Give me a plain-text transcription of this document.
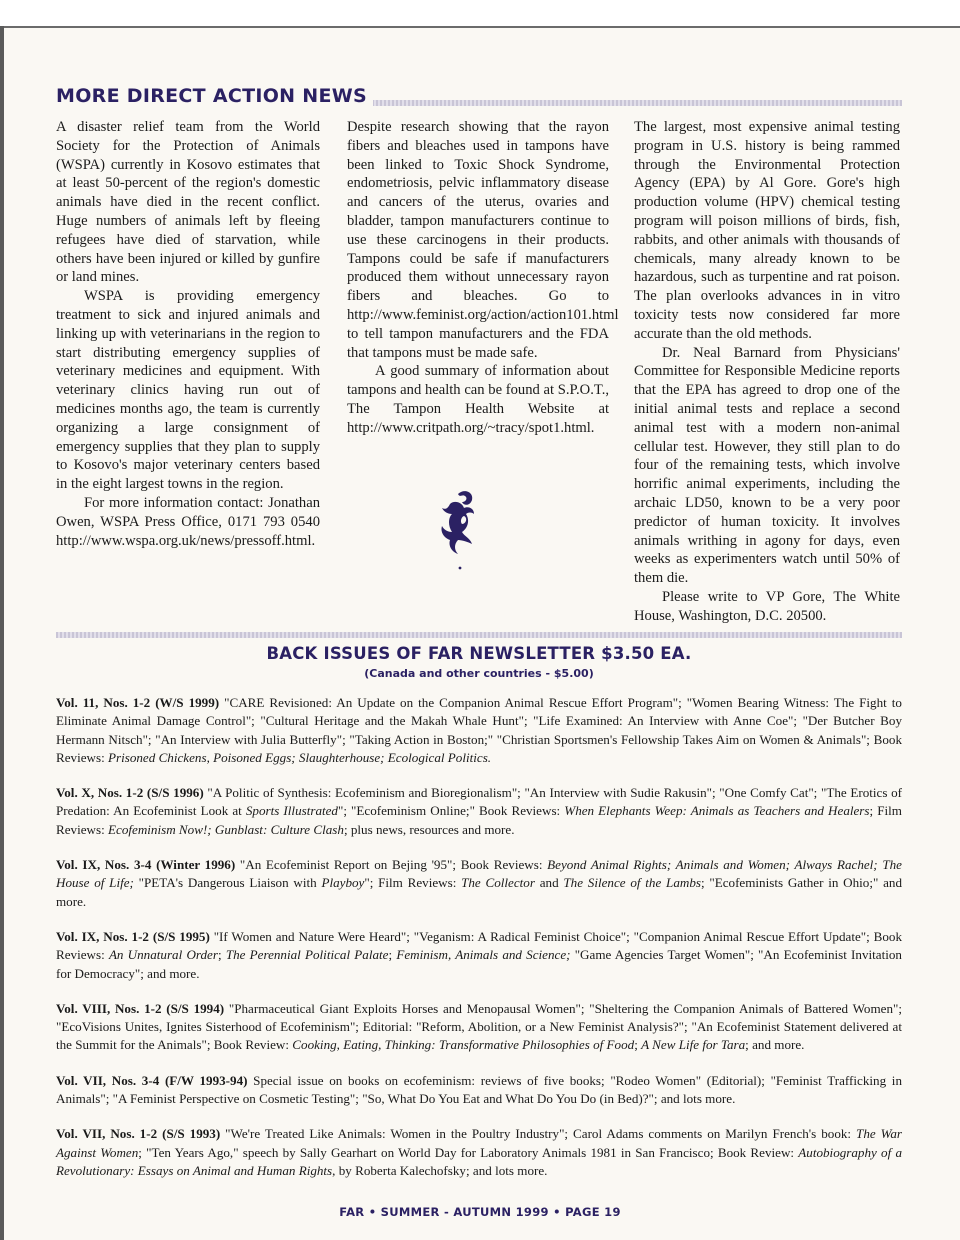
MORE DIRECT ACTION NEWS

A disaster relief team from the World Society for the Protection of Animals (WSPA) currently in Kosovo estimates that at least 50-percent of the region's domestic animals have died in the recent conflict. Huge numbers of animals left by fleeing refugees have died of starvation, while others have been injured or killed by gunfire or land mines.

WSPA is providing emergency treatment to sick and injured animals and linking up with veterinarians in the region to start distributing emergency supplies of veterinary medicines and equipment. With veterinary clinics having run out of medicines months ago, the team is currently organizing a large consignment of emergency supplies that they plan to supply to Kosovo's major veterinary centers based in the eight largest towns in the region.

For more information contact: Jonathan Owen, WSPA Press Office, 0171 793 0540 http://www.wspa.org.uk/news/pressoff.html.

Despite research showing that the rayon fibers and bleaches used in tampons have been linked to Toxic Shock Syndrome, endometriosis, pelvic inflammatory disease and cancers of the uterus, ovaries and bladder, tampon manufacturers continue to use these carcinogens in their products. Tampons could be safe if manufacturers produced them without unnecessary rayon fibers and bleaches. Go to http://www.feminist.org/action/action101.html to tell tampon manufacturers and the FDA that tampons must be made safe.

A good summary of information about tampons and health can be found at S.P.O.T., The Tampon Health Website at http://www.critpath.org/~tracy/spot1.html.

The largest, most expensive animal testing program in U.S. history is being rammed through the Environmental Protection Agency (EPA) by Al Gore. Gore's high production volume (HPV) chemical testing program will poison millions of birds, fish, rabbits, and other animals with thousands of chemicals, many already known to be hazardous, such as turpentine and rat poison. The plan overlooks advances in in vitro toxicity tests now considered far more accurate than the old methods.

Dr. Neal Barnard from Physicians' Committee for Responsible Medicine reports that the EPA has agreed to drop one of the initial animal tests and replace a second animal test with a modern non-animal cellular test. However, they still plan to do four of the remaining tests, which involve horrific animal experiments, including the archaic LD50, known to be a very poor predictor of human toxicity. It involves animals writhing in agony for days, even weeks as experimenters watch until 50% of them die.

Please write to VP Gore, The White House, Washington, D.C. 20500.

BACK ISSUES OF FAR NEWSLETTER $3.50 EA.
(Canada and other countries - $5.00)

Vol. 11, Nos. 1-2 (W/S 1999) "CARE Revisioned: An Update on the Companion Animal Rescue Effort Program"; "Women Bearing Witness: The Fight to Eliminate Animal Damage Control"; "Cultural Heritage and the Makah Whale Hunt"; "Life Examined: An Interview with Anne Coe"; "Der Butcher Boy Hermann Nitsch"; "An Interview with Julia Butterfly"; "Taking Action in Boston;" "Christian Sportsmen's Fellowship Takes Aim on Women & Animals"; Book Reviews: Prisoned Chickens, Poisoned Eggs; Slaughterhouse; Ecological Politics.

Vol. X, Nos. 1-2 (S/S 1996) "A Politic of Synthesis: Ecofeminism and Bioregionalism"; "An Interview with Sudie Rakusin"; "One Comfy Cat"; "The Erotics of Predation: An Ecofeminist Look at Sports Illustrated"; "Ecofeminism Online;" Book Reviews: When Elephants Weep: Animals as Teachers and Healers; Film Reviews: Ecofeminism Now!; Gunblast: Culture Clash; plus news, resources and more.

Vol. IX, Nos. 3-4 (Winter 1996) "An Ecofeminist Report on Bejing '95"; Book Reviews: Beyond Animal Rights; Animals and Women; Always Rachel; The House of Life; "PETA's Dangerous Liaison with Playboy"; Film Reviews: The Collector and The Silence of the Lambs; "Ecofeminists Gather in Ohio;" and more.

Vol. IX, Nos. 1-2 (S/S 1995) "If Women and Nature Were Heard"; "Veganism: A Radical Feminist Choice"; "Companion Animal Rescue Effort Update"; Book Reviews: An Unnatural Order; The Perennial Political Palate; Feminism, Animals and Science; "Game Agencies Target Women"; "An Ecofeminist Invitation for Democracy"; and more.

Vol. VIII, Nos. 1-2 (S/S 1994) "Pharmaceutical Giant Exploits Horses and Menopausal Women"; "Sheltering the Companion Animals of Battered Women"; "EcoVisions Unites, Ignites Sisterhood of Ecofeminism"; Editorial: "Reform, Abolition, or a New Feminist Analysis?"; "An Ecofeminist Statement delivered at the Summit for the Animals"; Book Review: Cooking, Eating, Thinking: Transformative Philosophies of Food; A New Life for Tara; and more.

Vol. VII, Nos. 3-4 (F/W 1993-94) Special issue on books on ecofeminism: reviews of five books; "Rodeo Women" (Editorial); "Feminist Trafficking in Animals"; "A Feminist Perspective on Cosmetic Testing"; "So, What Do You Eat and What Do You Do (in Bed)?"; and lots more.

Vol. VII, Nos. 1-2 (S/S 1993) "We're Treated Like Animals: Women in the Poultry Industry"; Carol Adams comments on Marilyn French's book: The War Against Women; "Ten Years Ago," speech by Sally Gearhart on World Day for Laboratory Animals 1981 in San Francisco; Book Review: Autobiography of a Revolutionary: Essays on Animal and Human Rights, by Roberta Kalechofsky; and lots more.

FAR • SUMMER - AUTUMN 1999 • PAGE 19
